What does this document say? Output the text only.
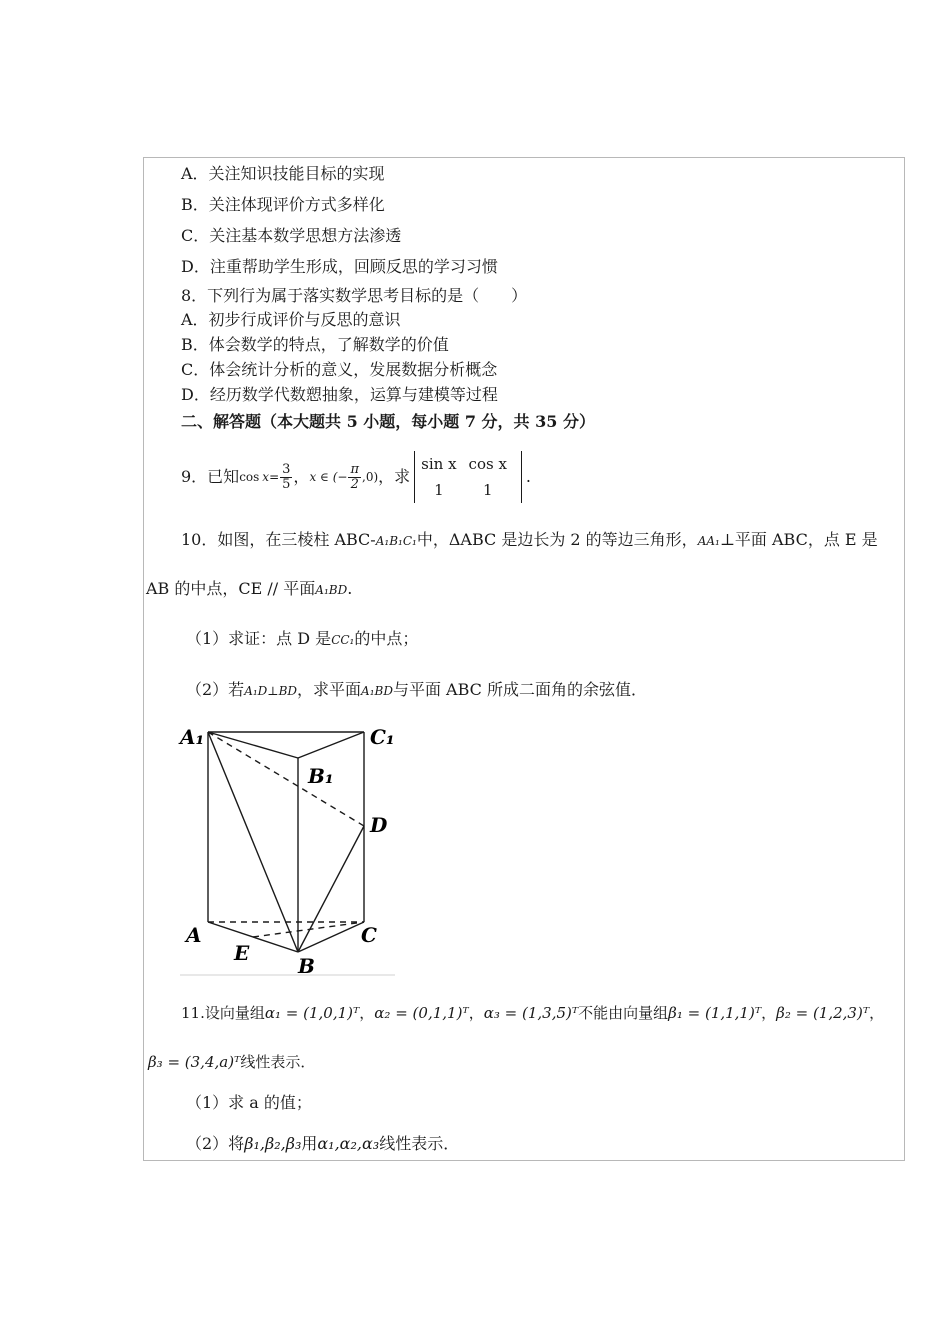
A．关注知识技能目标的实现
B．关注体现评价方式多样化
C．关注基本数学思想方法渗透
D．注重帮助学生形成，回顾反思的学习习惯
8．下列行为属于落实数学思考目标的是（　　）
A．初步行成评价与反思的意识
B．体会数学的特点，了解数学的价值
C．体会统计分析的意义，发展数据分析概念
D．经历数学代数愬抽象，运算与建模等过程
二、解答题（本大题共 5 小题，每小题 7 分，共 35 分）
9．已知 $\cos x = \frac{3}{5}$ ， x ∈ (− $\frac{\pi}{2} ,0$) ，求
sin x	cos x
1	1
.
10．如图，在三棱柱 ABC-A₁B₁C₁中，ΔABC 是边长为 2 的等边三角形，AA₁⊥平面 ABC，点 E 是
AB 的中点，CE // 平面A₁BD.
（1）求证：点 D 是CC₁的中点；
（2）若A₁D⊥BD，求平面A₁BD与平面 ABC 所成二面角的余弦值．
A₁	C₁
B₁
D
A	C
E
B
11.设向量组α₁ = (1,0,1)ᵀ，α₂ = (0,1,1)ᵀ，α₃ = (1,3,5)ᵀ不能由向量组β₁ = (1,1,1)ᵀ，β₂ = (1,2,3)ᵀ，
β₃ = (3,4,a)ᵀ线性表示．
（1）求 a 的值；
（2）将β₁,β₂,β₃用α₁,α₂,α₃线性表示．
